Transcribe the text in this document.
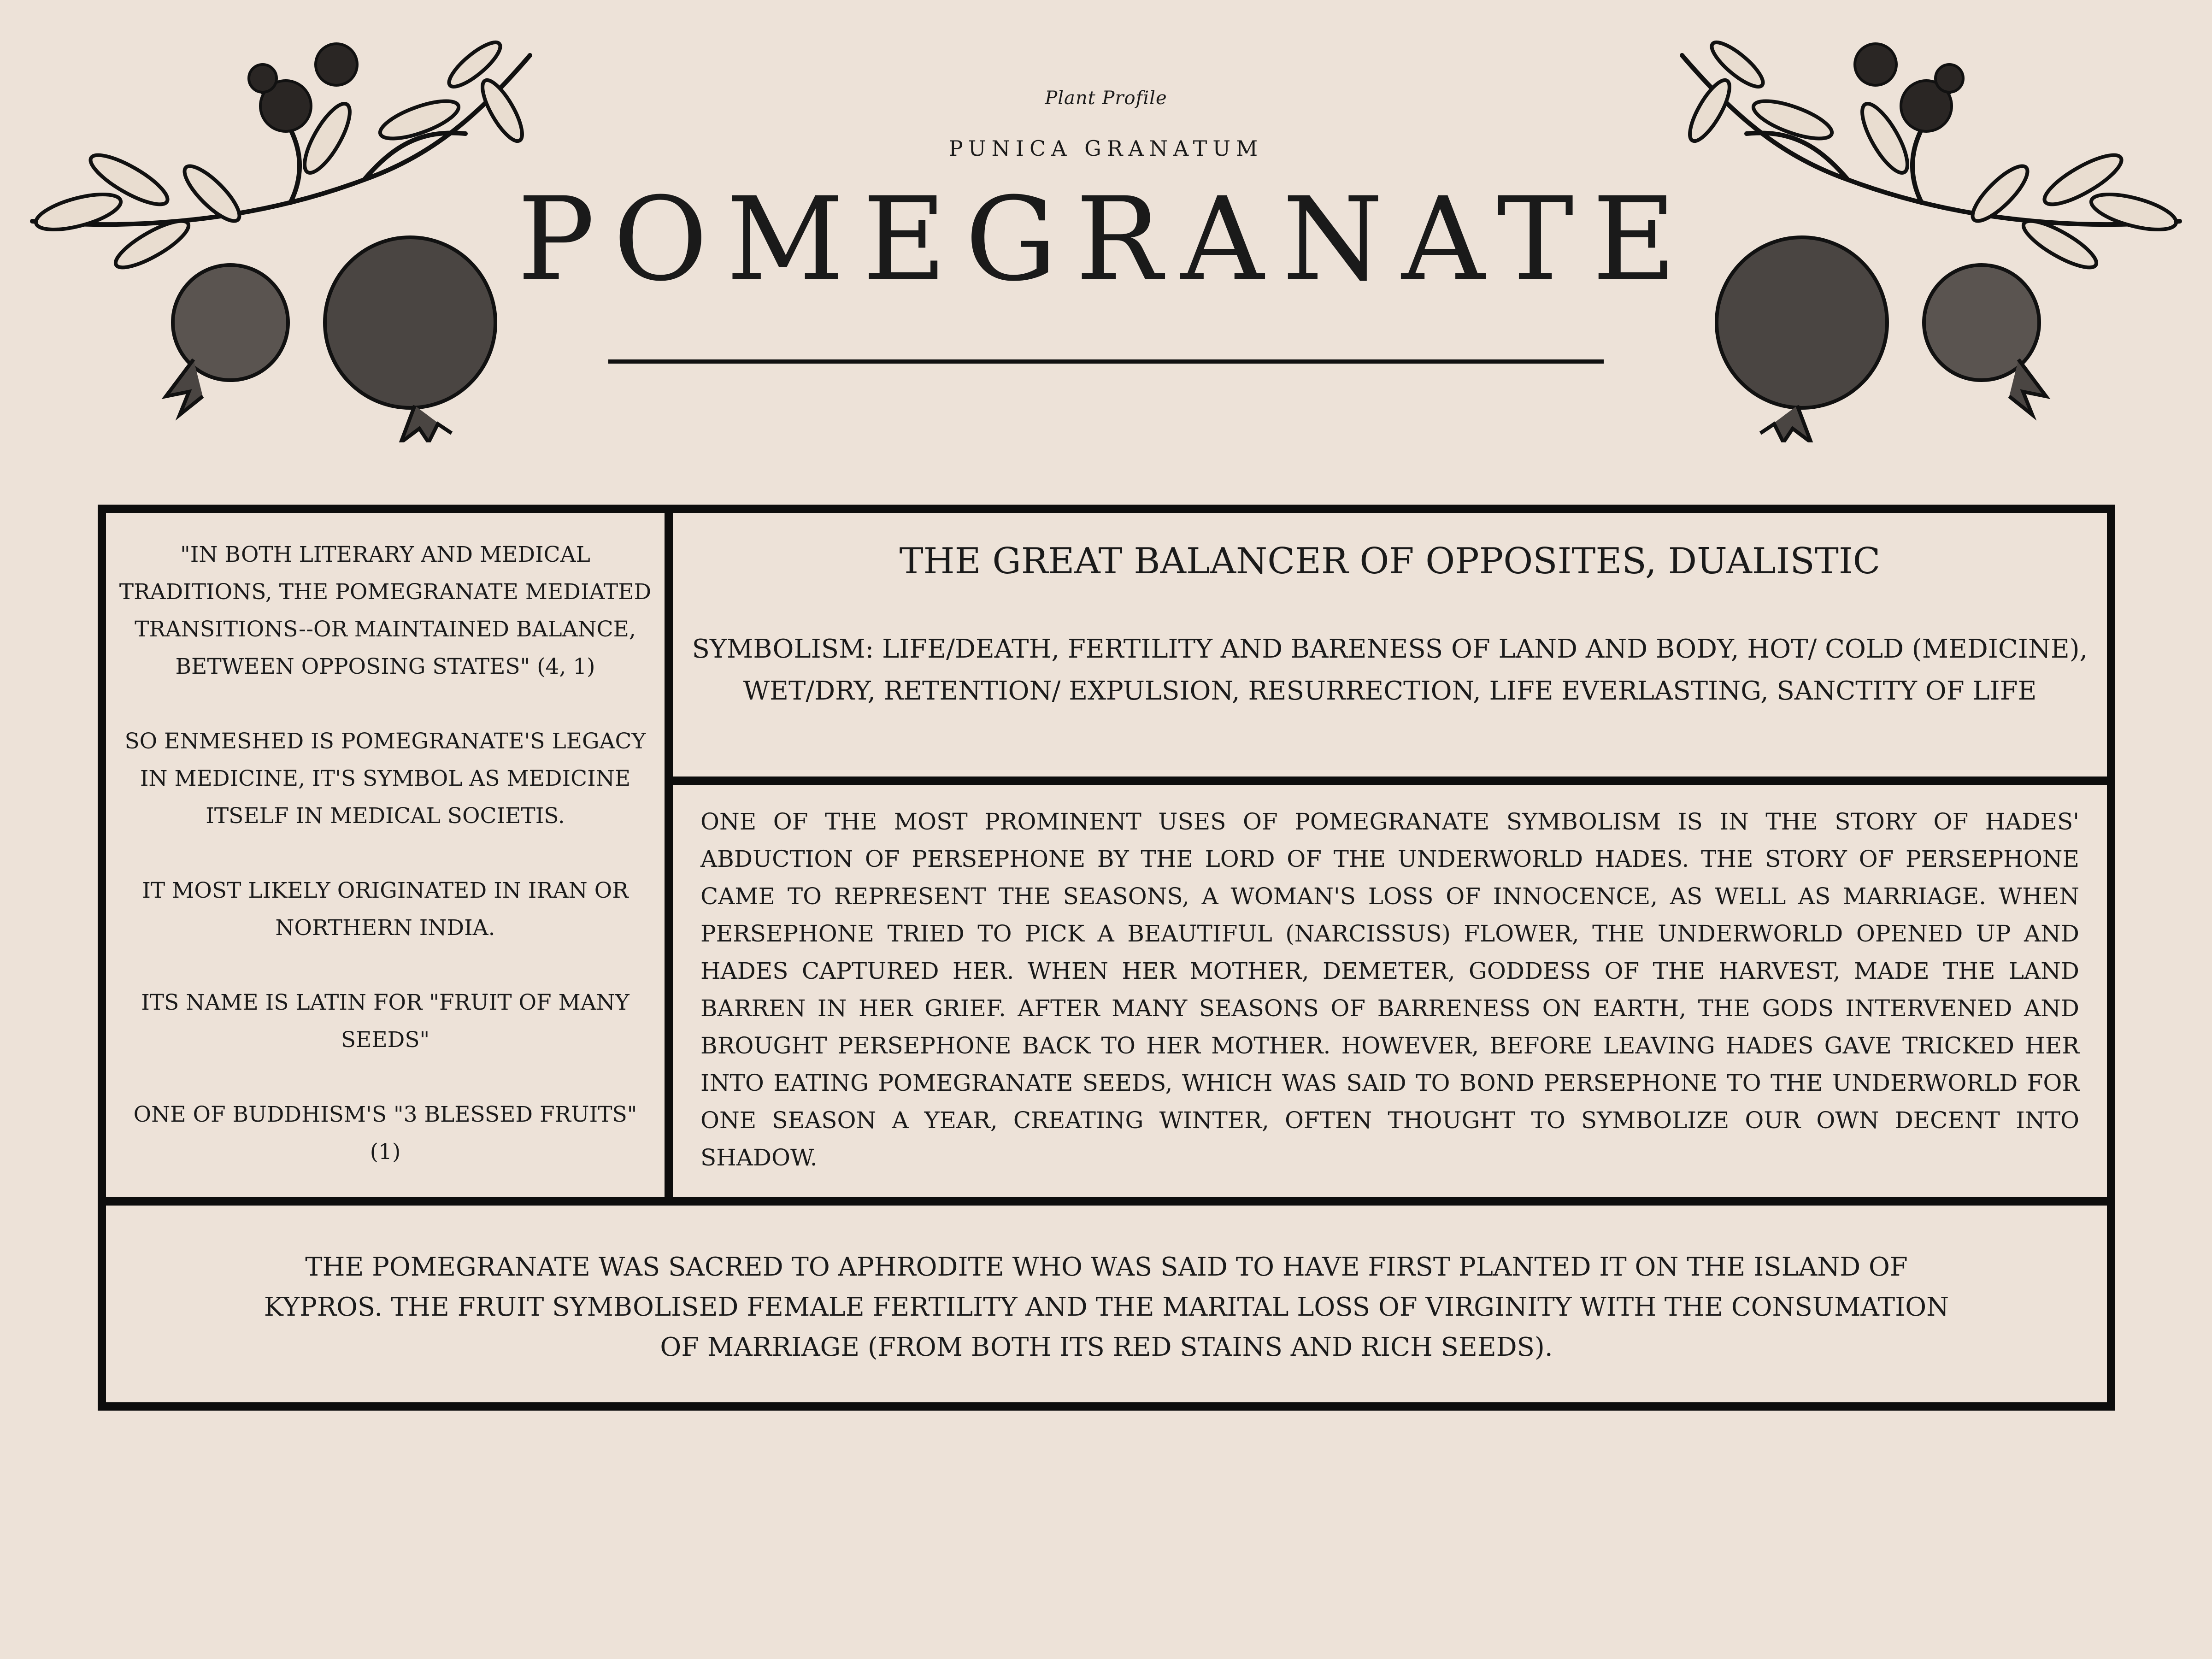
Plant Profile
PUNICA GRANATUM
POMEGRANATE

"IN BOTH LITERARY AND MEDICAL TRADITIONS, THE POMEGRANATE MEDIATED TRANSITIONS--OR MAINTAINED BALANCE, BETWEEN OPPOSING STATES" (4, 1)

SO ENMESHED IS POMEGRANATE'S LEGACY IN MEDICINE, IT'S SYMBOL AS MEDICINE ITSELF IN MEDICAL SOCIETIS.

IT MOST LIKELY ORIGINATED IN IRAN OR NORTHERN INDIA.

ITS NAME IS LATIN FOR "FRUIT OF MANY SEEDS"

ONE OF BUDDHISM'S "3 BLESSED FRUITS" (1)

THE GREAT BALANCER OF OPPOSITES, DUALISTIC

SYMBOLISM: LIFE/DEATH, FERTILITY AND BARENESS OF LAND AND BODY, HOT/ COLD (MEDICINE), WET/DRY, RETENTION/ EXPULSION, RESURRECTION, LIFE EVERLASTING, SANCTITY OF LIFE

ONE OF THE MOST PROMINENT USES OF POMEGRANATE SYMBOLISM IS IN THE STORY OF HADES' ABDUCTION OF PERSEPHONE BY THE LORD OF THE UNDERWORLD HADES. THE STORY OF PERSEPHONE CAME TO REPRESENT THE SEASONS, A WOMAN'S LOSS OF INNOCENCE, AS WELL AS MARRIAGE. WHEN PERSEPHONE TRIED TO PICK A BEAUTIFUL (NARCISSUS) FLOWER, THE UNDERWORLD OPENED UP AND HADES CAPTURED HER. WHEN HER MOTHER, DEMETER, GODDESS OF THE HARVEST, MADE THE LAND BARREN IN HER GRIEF. AFTER MANY SEASONS OF BARRENESS ON EARTH, THE GODS INTERVENED AND BROUGHT PERSEPHONE BACK TO HER MOTHER. HOWEVER, BEFORE LEAVING HADES GAVE TRICKED HER INTO EATING POMEGRANATE SEEDS, WHICH WAS SAID TO BOND PERSEPHONE TO THE UNDERWORLD FOR ONE SEASON A YEAR, CREATING WINTER, OFTEN THOUGHT TO SYMBOLIZE OUR OWN DECENT INTO SHADOW.

THE POMEGRANATE WAS SACRED TO APHRODITE WHO WAS SAID TO HAVE FIRST PLANTED IT ON THE ISLAND OF KYPROS. THE FRUIT SYMBOLISED FEMALE FERTILITY AND THE MARITAL LOSS OF VIRGINITY WITH THE CONSUMATION OF MARRIAGE (FROM BOTH ITS RED STAINS AND RICH SEEDS).
